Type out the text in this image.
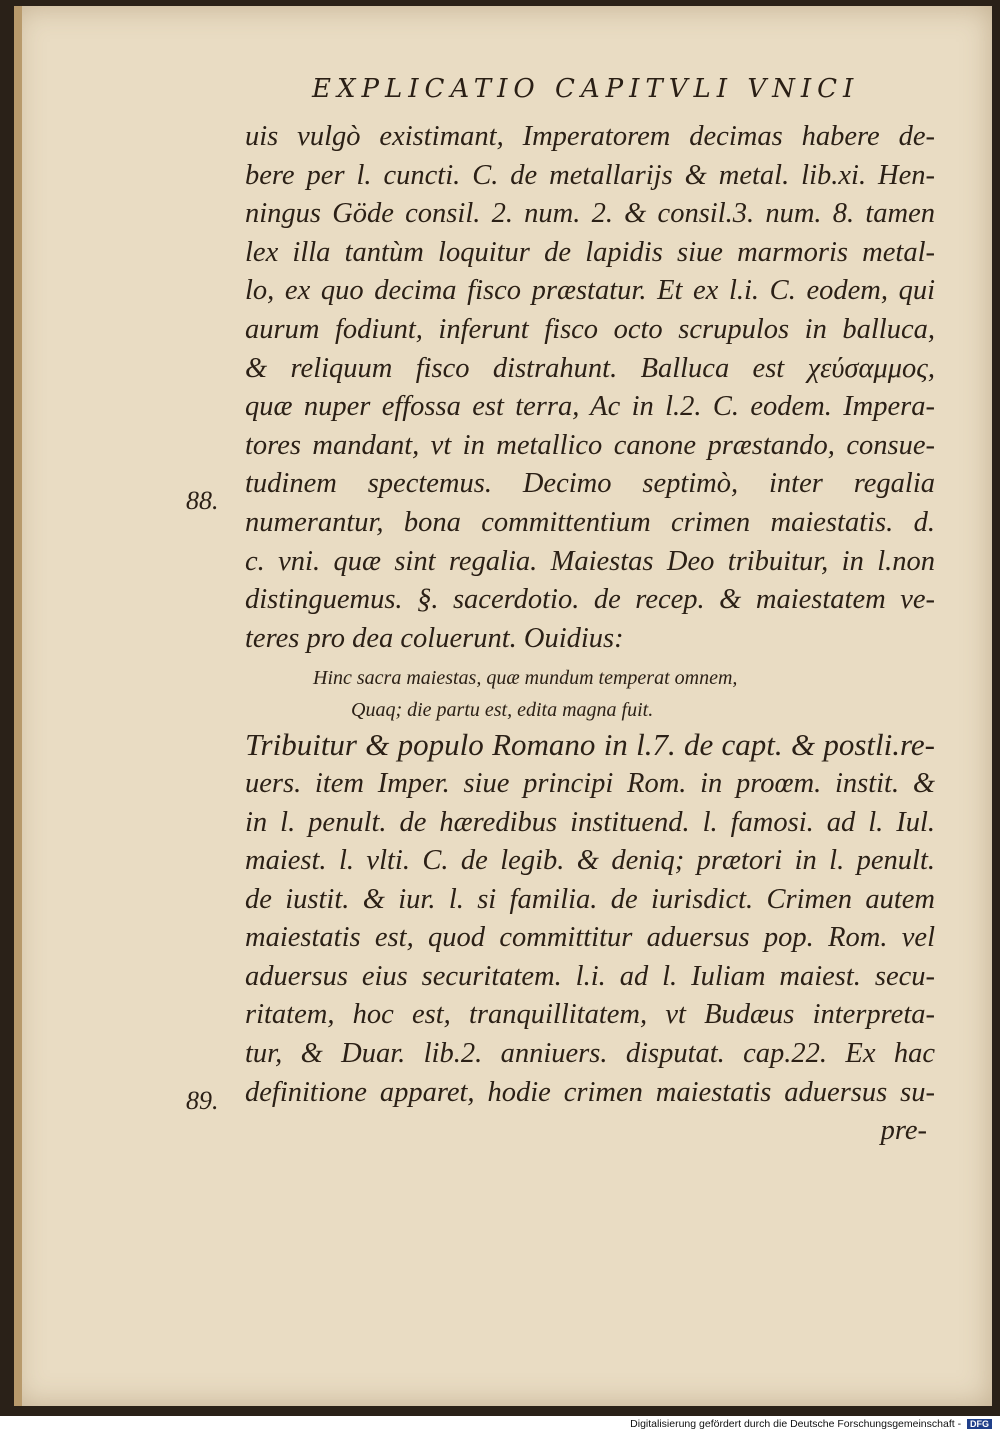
EXPLICATIO CAPITVLI VNICI
88.
89.
uis vulgò existimant, Imperatorem decimas habere de-
bere per l. cuncti. C. de metallarijs & metal. lib.xi. Hen-
ningus Göde consil. 2. num. 2. & consil.3. num. 8. tamen
lex illa tantùm loquitur de lapidis siue marmoris metal-
lo, ex quo decima fisco præstatur. Et ex l.i. C. eodem, qui
aurum fodiunt, inferunt fisco octo scrupulos in balluca,
& reliquum fisco distrahunt. Balluca est χεύσαμμος,
quæ nuper effossa est terra, Ac in l.2. C. eodem. Impera-
tores mandant, vt in metallico canone præstando, consue-
tudinem spectemus. Decimo septimò, inter regalia
numerantur, bona committentium crimen maiestatis. d.
c. vni. quæ sint regalia. Maiestas Deo tribuitur, in l.non
distinguemus. §. sacerdotio. de recep. & maiestatem ve-
teres pro dea coluerunt. Ouidius:
Hinc sacra maiestas, quæ mundum temperat omnem,
Quaq; die partu est, edita magna fuit.
Tribuitur & populo Romano in l.7. de capt. & postli.re-
uers. item Imper. siue principi Rom. in proœm. instit. &
in l. penult. de hæredibus instituend. l. famosi. ad l. Iul.
maiest. l. vlti. C. de legib. & deniq; prætori in l. penult.
de iustit. & iur. l. si familia. de iurisdict. Crimen autem
maiestatis est, quod committitur aduersus pop. Rom. vel
aduersus eius securitatem. l.i. ad l. Iuliam maiest. secu-
ritatem, hoc est, tranquillitatem, vt Budæus interpreta-
tur, & Duar. lib.2. anniuers. disputat. cap.22. Ex hac
definitione apparet, hodie crimen maiestatis aduersus su-
pre-
Digitalisierung gefördert durch die Deutsche Forschungsgemeinschaft - DFG
